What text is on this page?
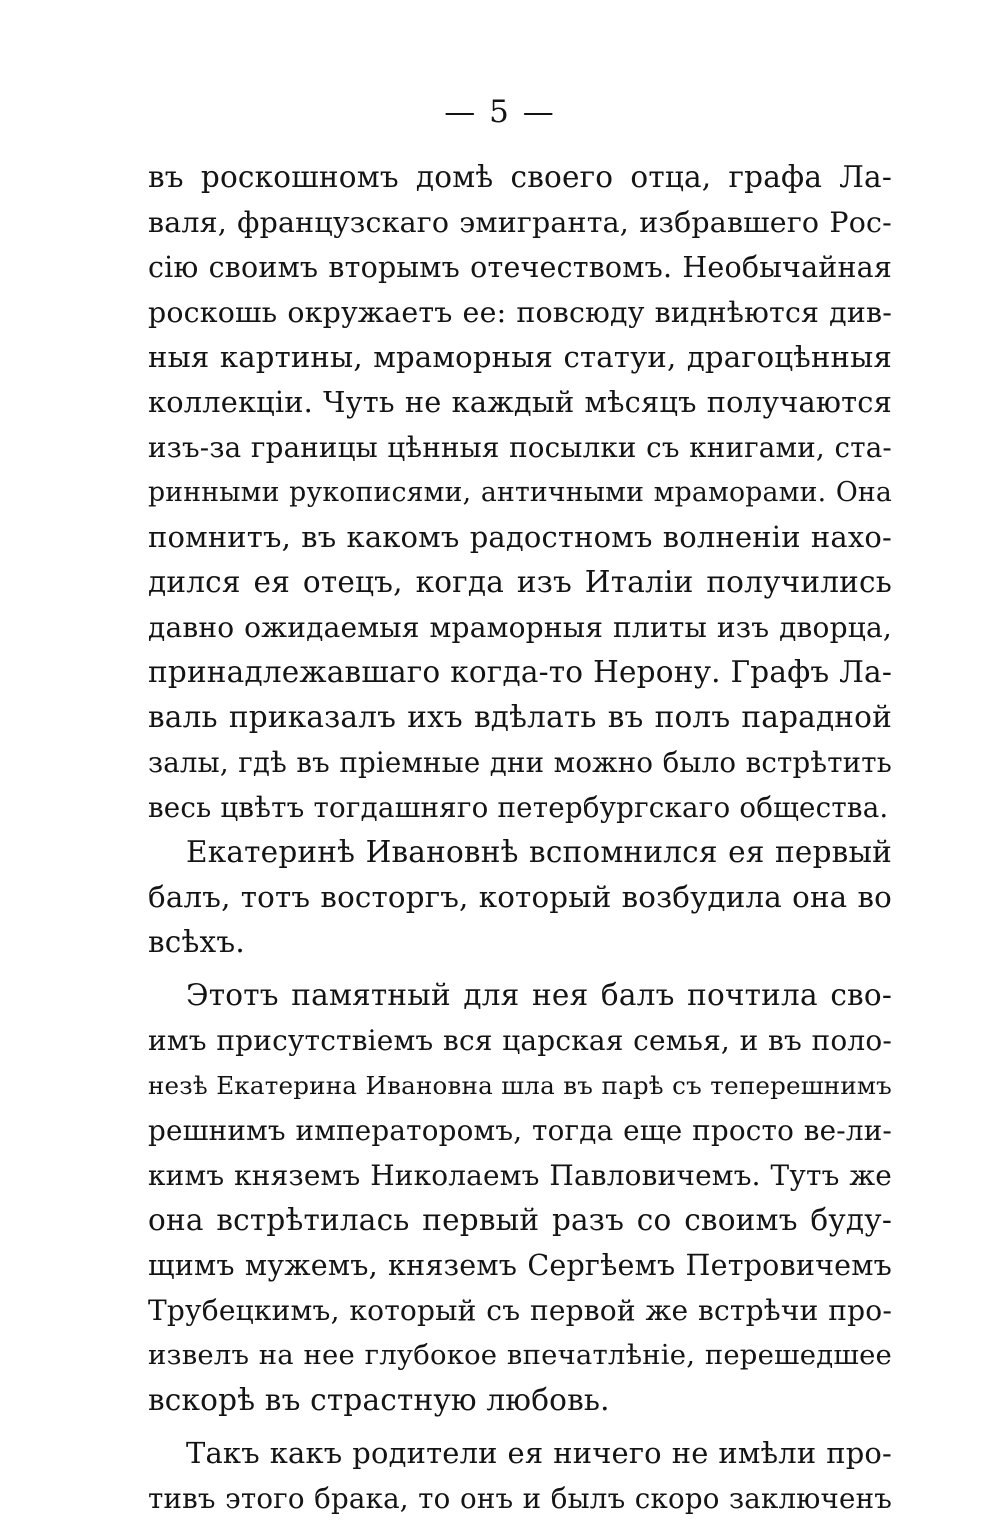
— 5 —
въ роскошномъ домѣ своего отца, графа Ла-
валя, французскаго эмигранта, избравшего Рос-
сію своимъ вторымъ отечествомъ. Необычайная
роскошь окружаетъ ее: повсюду виднѣются див-
ныя картины, мраморныя статуи, драгоцѣнныя
коллекціи. Чуть не каждый мѣсяцъ получаются
изъ-за границы цѣнныя посылки съ книгами, ста-
ринными рукописями, античными мраморами. Она
помнитъ, въ какомъ радостномъ волненіи нахо-
дился ея отецъ, когда изъ Италіи получились
давно ожидаемыя мраморныя плиты изъ дворца,
принадлежавшаго когда-то Нерону. Графъ Ла-
валь приказалъ ихъ вдѣлать въ полъ парадной
залы, гдѣ въ пріемные дни можно было встрѣтить
весь цвѣтъ тогдашняго петербургскаго общества.
Екатеринѣ Ивановнѣ вспомнился ея первый
балъ, тотъ восторгъ, который возбудила она во
всѣхъ.
Этотъ памятный для нея балъ почтила сво-
имъ присутствіемъ вся царская семья, и въ поло-
незѣ Екатерина Ивановна шла въ парѣ съ теперешнимъ
решнимъ императоромъ, тогда еще просто ве-ли-
кимъ княземъ Николаемъ Павловичемъ. Тутъ же
она встрѣтилась первый разъ со своимъ буду-
щимъ мужемъ, княземъ Сергѣемъ Петровичемъ
Трубецкимъ, который съ первой же встрѣчи про-
извелъ на нее глубокое впечатлѣніе, перешедшее
вскорѣ въ страстную любовь.
Такъ какъ родители ея ничего не имѣли про-
тивъ этого брака, то онъ и былъ скоро заключенъ
